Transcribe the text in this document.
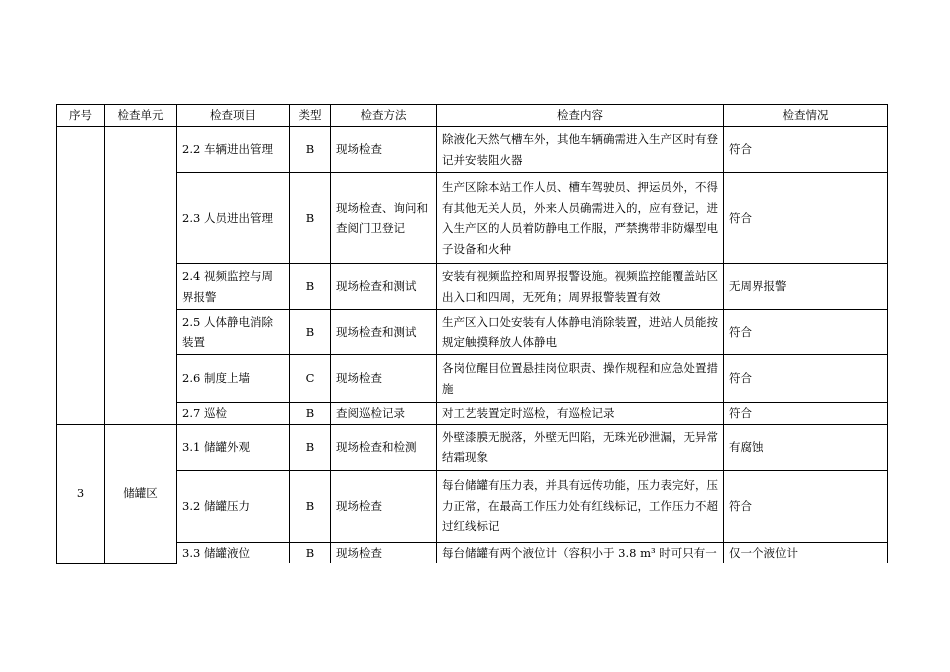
序号	检查单元	检查项目	类型	检查方法	检查内容	检查情况
		2.2 车辆进出管理	B	现场检查	除液化天然气槽车外，其他车辆确需进入生产区时有登记并安装阻火器	符合
		2.3 人员进出管理	B	现场检查、询问和查阅门卫登记	生产区除本站工作人员、槽车驾驶员、押运员外，不得有其他无关人员，外来人员确需进入的，应有登记，进入生产区的人员着防静电工作服，严禁携带非防爆型电子设备和火种	符合
		2.4 视频监控与周界报警	B	现场检查和测试	安装有视频监控和周界报警设施。视频监控能覆盖站区出入口和四周，无死角；周界报警装置有效	无周界报警
		2.5 人体静电消除装置	B	现场检查和测试	生产区入口处安装有人体静电消除装置，进站人员能按规定触摸释放人体静电	符合
		2.6 制度上墙	C	现场检查	各岗位醒目位置悬挂岗位职责、操作规程和应急处置措施	符合
		2.7 巡检	B	查阅巡检记录	对工艺装置定时巡检，有巡检记录	符合
3	储罐区	3.1 储罐外观	B	现场检查和检测	外壁漆膜无脱落，外壁无凹陷，无珠光砂泄漏，无异常结霜现象	有腐蚀
		3.2 储罐压力	B	现场检查	每台储罐有压力表，并具有远传功能，压力表完好，压力正常，在最高工作压力处有红线标记，工作压力不超过红线标记	符合
		3.3 储罐液位	B	现场检查	每台储罐有两个液位计（容积小于 3.8 m³ 时可只有一	仅一个液位计
